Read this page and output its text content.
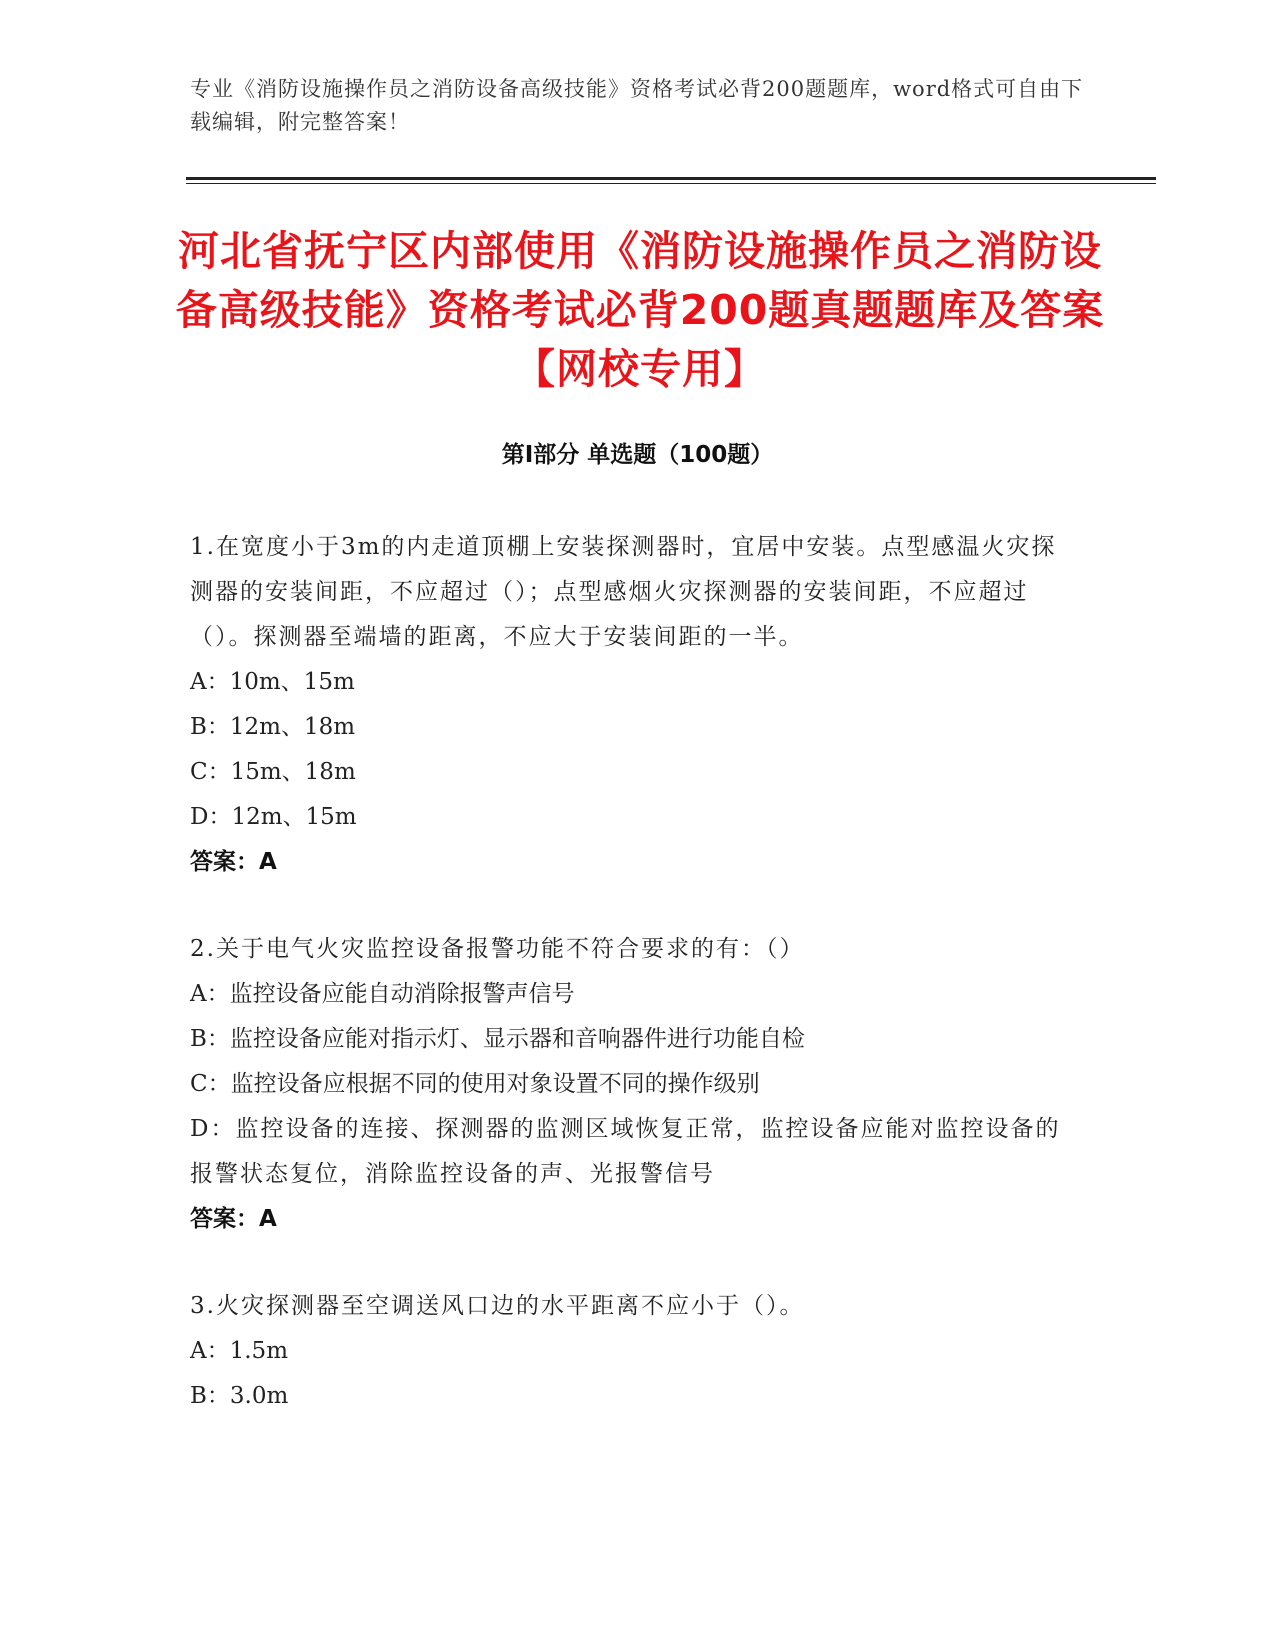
专业《消防设施操作员之消防设备高级技能》资格考试必背200题题库，word格式可自由下载编辑，附完整答案！
河北省抚宁区内部使用《消防设施操作员之消防设备高级技能》资格考试必背200题真题题库及答案【网校专用】
第I部分 单选题（100题）
1.在宽度小于3m的内走道顶棚上安装探测器时，宜居中安装。点型感温火灾探测器的安装间距，不应超过（）；点型感烟火灾探测器的安装间距，不应超过（）。探测器至端墙的距离，不应大于安装间距的一半。
A：10m、15m
B：12m、18m
C：15m、18m
D：12m、15m
答案：A
2.关于电气火灾监控设备报警功能不符合要求的有：（）
A：监控设备应能自动消除报警声信号
B：监控设备应能对指示灯、显示器和音响器件进行功能自检
C：监控设备应根据不同的使用对象设置不同的操作级别
D：监控设备的连接、探测器的监测区域恢复正常，监控设备应能对监控设备的报警状态复位，消除监控设备的声、光报警信号
答案：A
3.火灾探测器至空调送风口边的水平距离不应小于（）。
A：1.5m
B：3.0m
